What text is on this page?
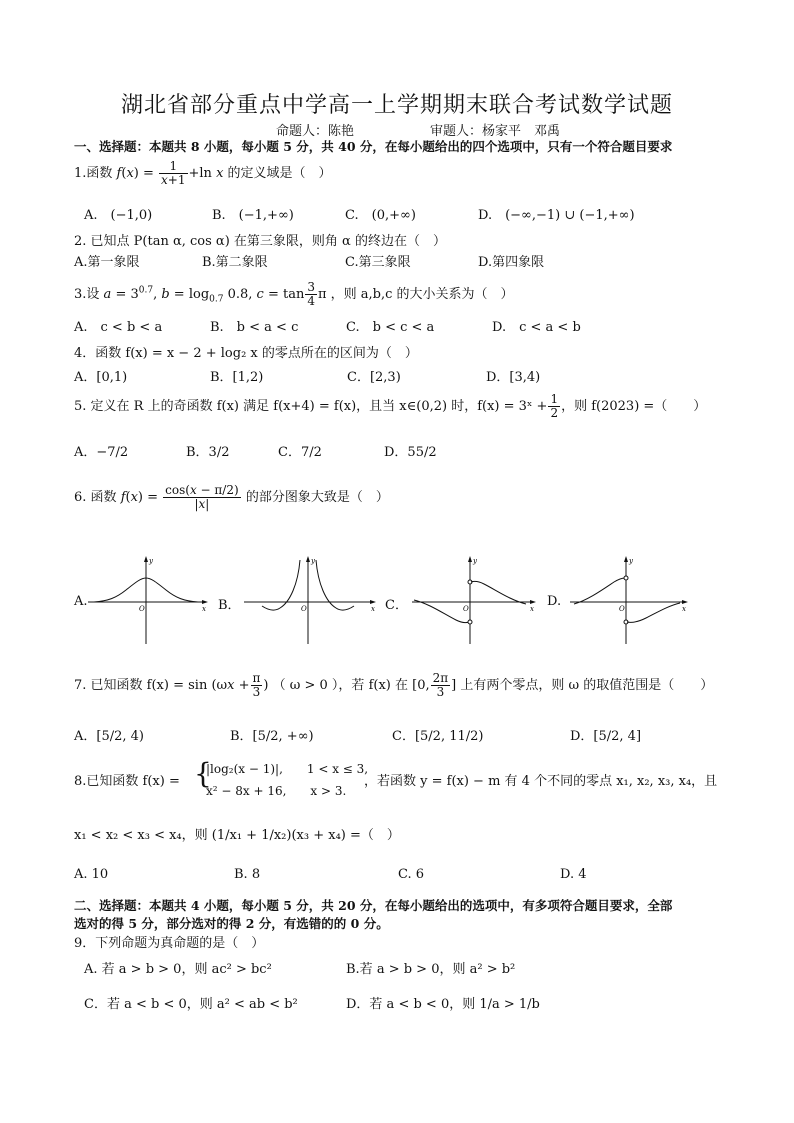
湖北省部分重点中学高一上学期期末联合考试数学试题
命题人：陈艳	审题人：杨家平　邓禹
一、选择题：本题共 8 小题，每小题 5 分，共 40 分，在每小题给出的四个选项中，只有一个符合题目要求
1.函数 $f(x) = \frac{1}{x+1} +\ln$ x 的定义域是（　）
A.　(−1,0)	B.　(−1,+∞)	C.　(0,+∞)	D.　(−∞,−1) ∪ (−1,+∞)
2. 已知点 P(tan α, cos α) 在第三象限，则角 α 的终边在（　）
A.第一象限	B.第二象限	C.第三象限	D.第四象限
3.设 $a = 3^{0.7}$, $b = \log_{0.7} 0.8$, $c = \tan \frac{3}{4}$ π ，则 a,b,c 的大小关系为（　）
A.　c < b < a	B.　b < a < c	C.　b < c < a	D.　c < a < b
4．函数 f(x) = x − 2 + log₂ x 的零点所在的区间为（　）
A．[0,1)	B．[1,2)	C．[2,3)	D．[3,4)
5. 定义在 R 上的奇函数 f(x) 满足 f(x+4) = f(x)，且当 x∈(0,2) 时，f(x) = 3ˣ + $\frac{1}{2}$ ，则 f(2023) =（　　）
A．−7/2	B．3/2	C．7/2	D．55/2
6. 函数 $f(x) = \frac{\cos(x - \pi/2)}{|x|}$ 的部分图象大致是（　）
A.	B．	C．	D.
y
x
O
y
x
O
y
x
O
y
x
O
7. 已知函数 $f(x) = \sin (\omega x + \frac{\pi}{3}$ ) （ ω > 0 ），若 f(x) 在 [0, $\frac{2\pi}{3}$ ] 上有两个零点，则 ω 的取值范围是（　　）
A．[5/2, 4)	B．[5/2, +∞)	C．[5/2, 11/2)	D．[5/2, 4]
8.已知函数 f(x) = {
|log₂(x − 1)|,　　1 < x ≤ 3,
x² − 8x + 16,　　x > 3.
，若函数 y = f(x) − m 有 4 个不同的零点 x₁, x₂, x₃, x₄，且
x₁ < x₂ < x₃ < x₄，则 (1/x₁ + 1/x₂)(x₃ + x₄) =（　）
A. 10	B. 8	C. 6	D. 4
二、选择题：本题共 4 小题，每小题 5 分，共 20 分，在每小题给出的选项中，有多项符合题目要求，全部
选对的得 5 分，部分选对的得 2 分，有选错的的 0 分。
9．下列命题为真命题的是（　）
A. 若 a > b > 0，则 ac² > bc²	B.若 a > b > 0，则 a² > b²
C．若 a < b < 0，则 a² < ab < b²	D．若 a < b < 0，则 1/a > 1/b
